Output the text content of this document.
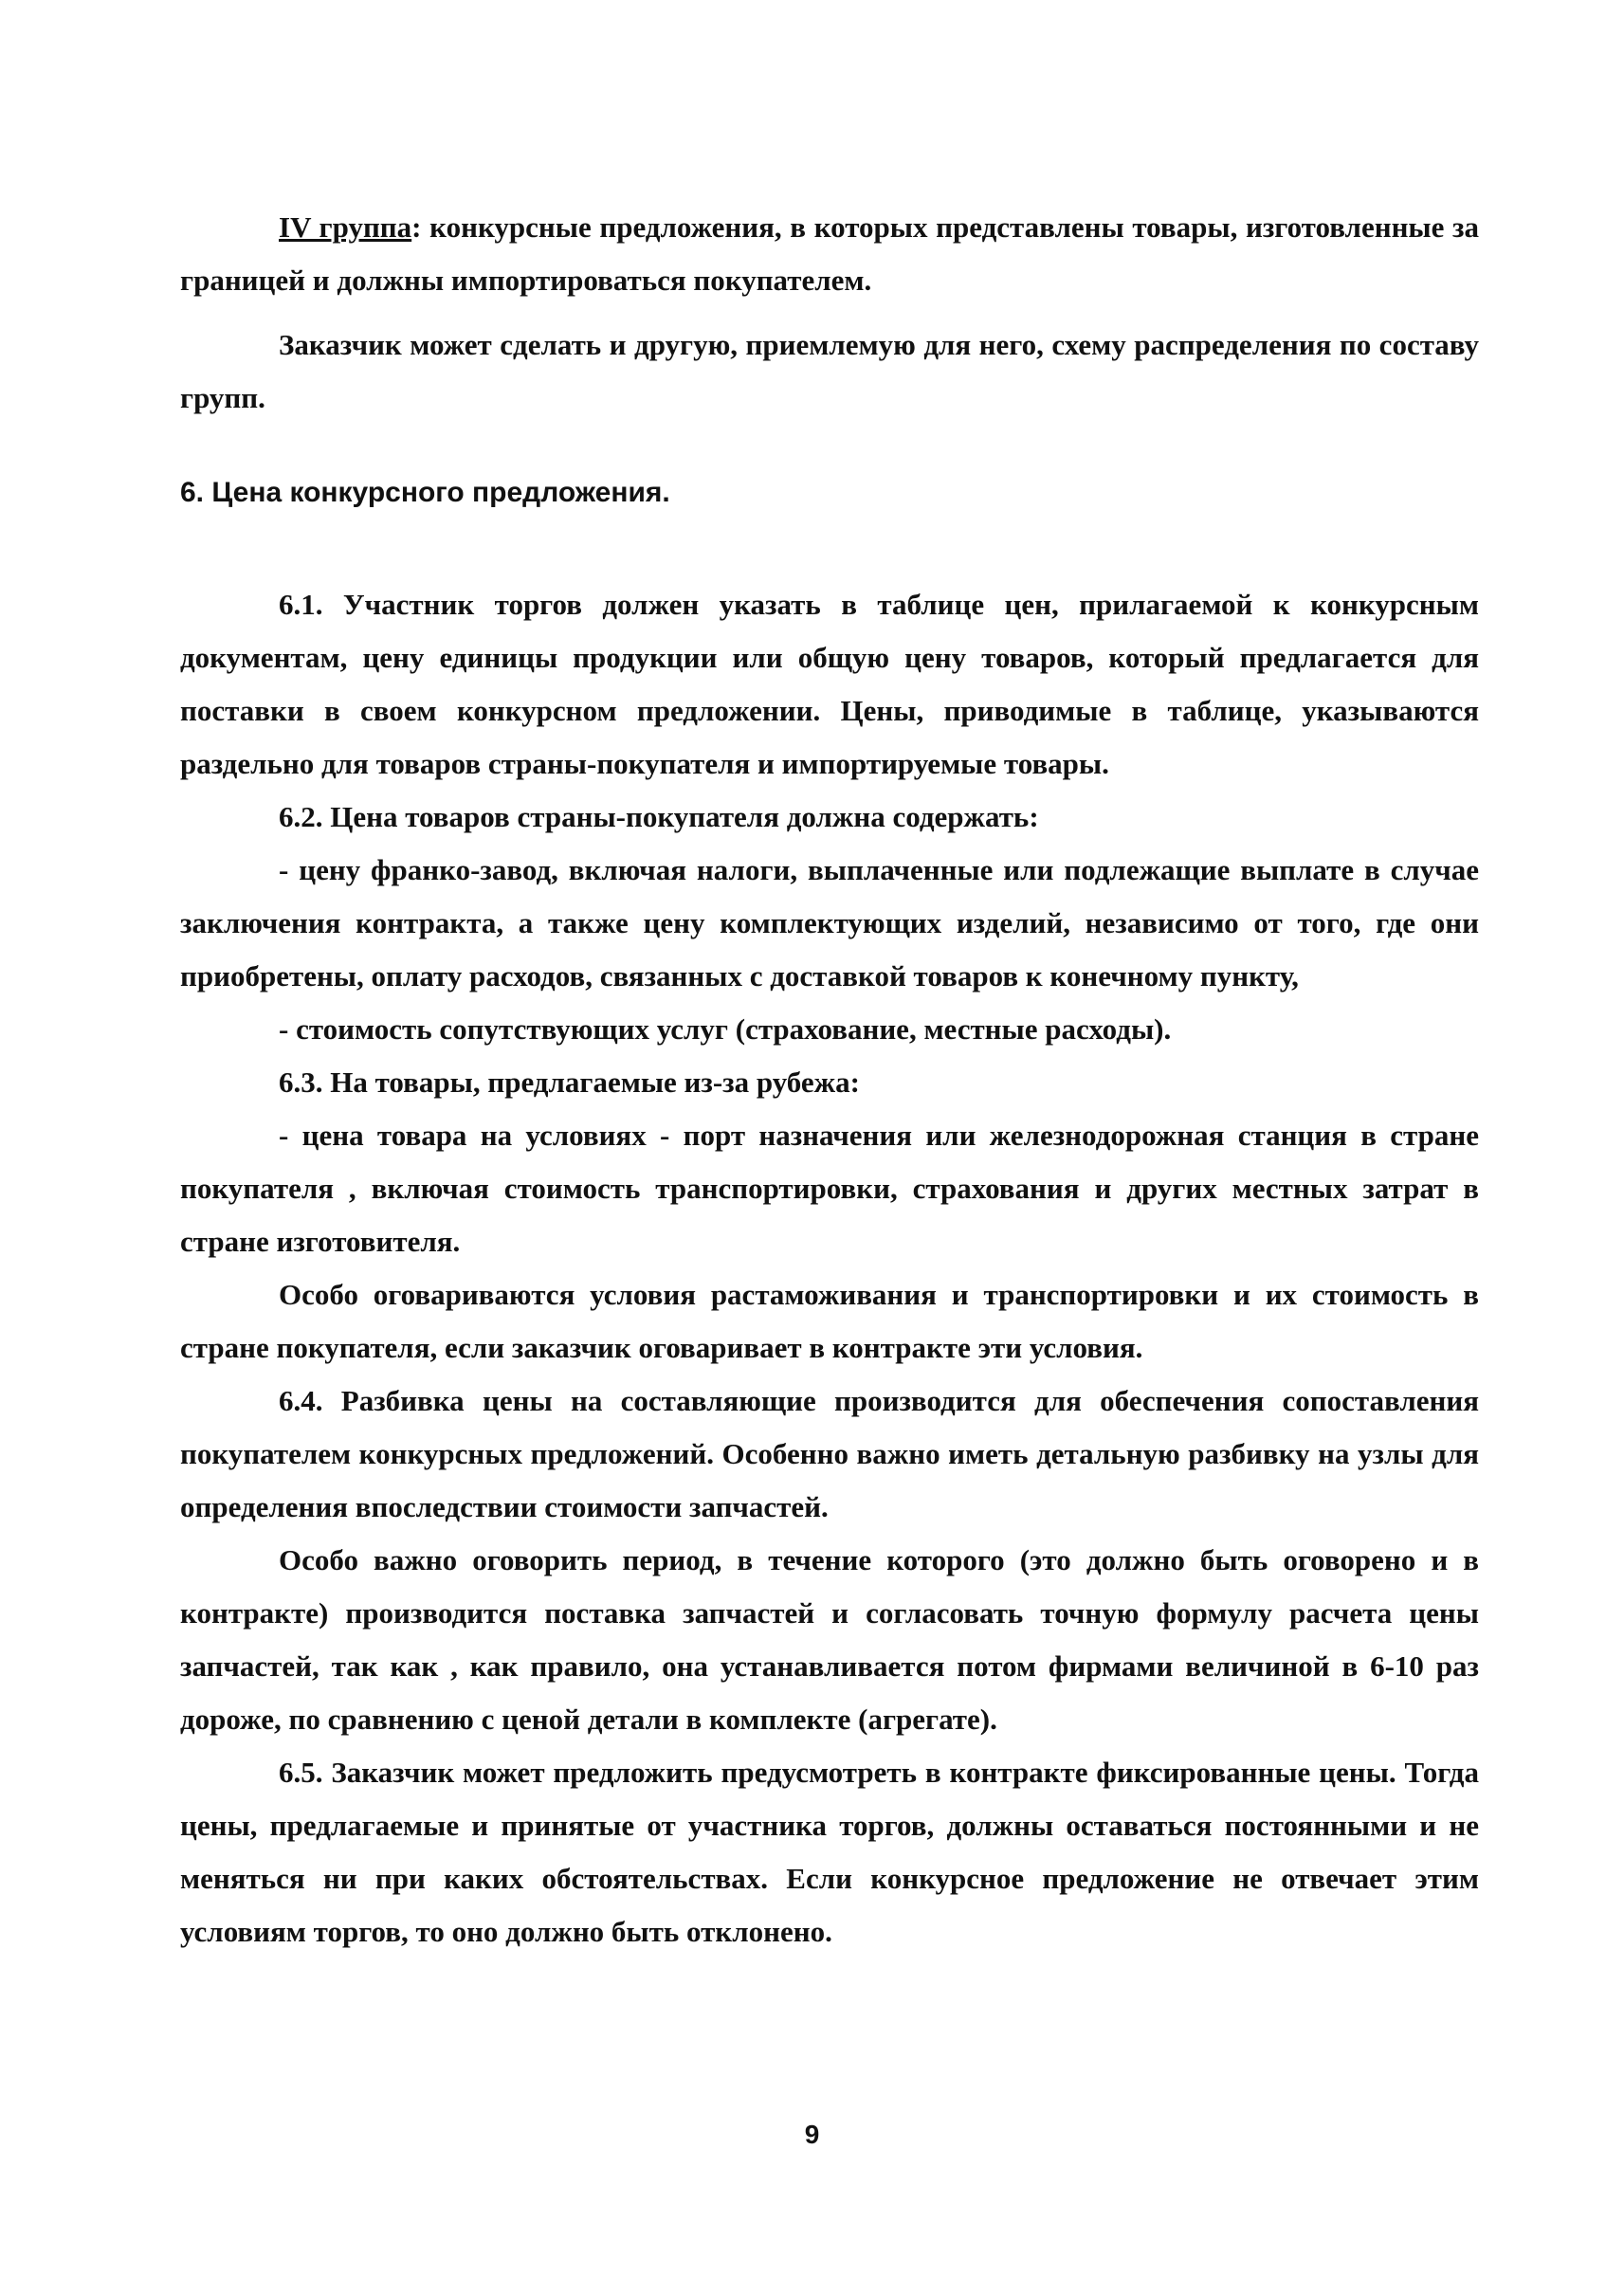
IV группа: конкурсные предложения, в которых представлены товары, изготовленные за границей и должны импортироваться покупателем.

Заказчик может сделать и другую, приемлемую для него, схему распределения по составу групп.

6. Цена конкурсного предложения.

6.1. Участник торгов должен указать в таблице цен, прилагаемой к конкурсным документам, цену единицы продукции или общую цену товаров, который предлагается для поставки в своем конкурсном предложении. Цены, приводимые в таблице, указываются раздельно для товаров страны-покупателя и импортируемые товары.

6.2. Цена товаров страны-покупателя должна содержать:

- цену франко-завод, включая налоги, выплаченные или подлежащие выплате в случае заключения контракта, а также цену комплектующих изделий, независимо от того, где они приобретены, оплату расходов, связанных с доставкой товаров к конечному пункту,

- стоимость сопутствующих услуг (страхование, местные расходы).

6.3. На товары, предлагаемые из-за рубежа:

- цена товара на условиях - порт назначения или железнодорожная станция в стране покупателя , включая стоимость транспортировки, страхования и других местных затрат в стране изготовителя.

Особо оговариваются условия растаможивания и транспортировки и их стоимость в стране покупателя, если заказчик оговаривает в контракте эти условия.

6.4. Разбивка цены на составляющие производится для обеспечения сопоставления покупателем конкурсных предложений. Особенно важно иметь детальную разбивку на узлы для определения впоследствии стоимости запчастей.

Особо важно оговорить период, в течение которого (это должно быть оговорено и в контракте) производится поставка запчастей и согласовать точную формулу расчета цены запчастей, так как , как правило, она устанавливается потом фирмами величиной в 6-10 раз дороже, по сравнению с ценой детали в комплекте (агрегате).

6.5. Заказчик может предложить предусмотреть в контракте фиксированные цены. Тогда цены, предлагаемые и принятые от участника торгов, должны оставаться постоянными и не меняться ни при каких обстоятельствах. Если конкурсное предложение не отвечает этим условиям торгов, то оно должно быть отклонено.

9
